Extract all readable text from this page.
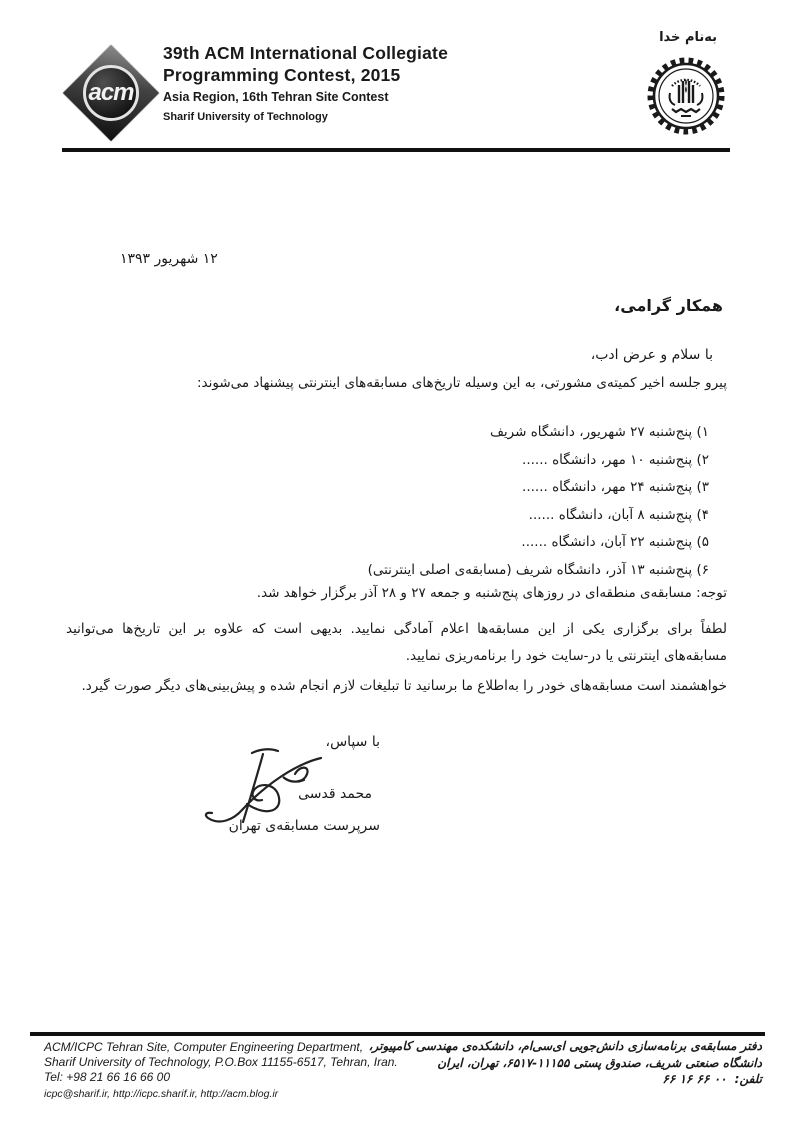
acm
39th ACM International Collegiate
Programming Contest, 2015
Asia Region, 16th Tehran Site Contest
Sharif University of Technology
به‌نام خدا
۱۲ شهریور ۱۳۹۳
همکار گرامی،
با سلام و عرض ادب،
پیرو جلسه اخیر کمیته‌ی مشورتی، به این وسیله تاریخ‌های مسابقه‌های اینترنتی پیشنهاد می‌شوند:
۱) پنج‌شنبه ۲۷ شهریور، دانشگاه شریف
۲) پنج‌شنبه ۱۰ مهر، دانشگاه ......
۳) پنج‌شنبه ۲۴ مهر، دانشگاه ......
۴) پنج‌شنبه ۸ آبان، دانشگاه ......
۵) پنج‌شنبه ۲۲ آبان، دانشگاه ......
۶) پنج‌شنبه ۱۳ آذر، دانشگاه شریف (مسابقه‌ی اصلی اینترنتی)
توجه: مسابقه‌ی منطقه‌ای در روزهای پنج‌شنبه و جمعه ۲۷ و ۲۸ آذر برگزار خواهد شد.
لطفاً برای برگزاری یکی از این مسابقه‌ها اعلام آمادگی نمایید. بدیهی است که علاوه بر این تاریخ‌ها می‌توانید مسابقه‌های اینترنتی یا در-سایت خود را برنامه‌ریزی نمایید.
خواهشمند است مسابقه‌های خودر را به‌اطلاع ما برسانید تا تبلیغات لازم انجام شده و پیش‌بینی‌های دیگر صورت گیرد.
با سپاس،
محمد قدسی
سرپرست مسابقه‌ی تهران
ACM/ICPC Tehran Site, Computer Engineering Department,
Sharif University of Technology, P.O.Box 11155-6517, Tehran, Iran.
Tel: +98 21 66 16 66 00
icpc@sharif.ir, http://icpc.sharif.ir, http://acm.blog.ir
دفتر مسابقه‌ی برنامه‌سازی دانش‌جویی ای‌سی‌ام، دانشکده‌ی مهندسی کامپیوتر،
دانشگاه صنعتی شریف، صندوق پستی ۱۱۱۵۵-۶۵۱۷، تهران، ایران
تلفن: ۶۶ ۱۶ ۶۶ ۰۰
